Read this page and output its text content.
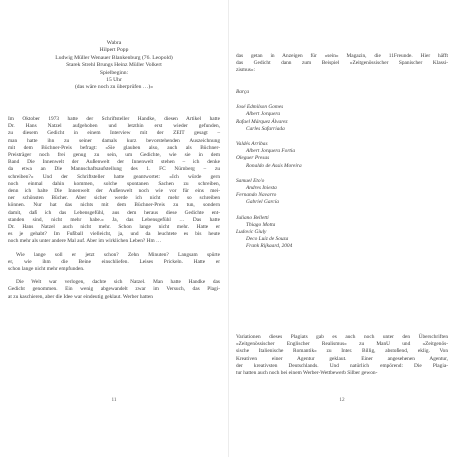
Wabra
Hilpert Popp
Ludwig Müller Wenauer Blankenburg (76. Leopold)
Starek Strehl Brungs Heinz Müller Volkert
Spielbeginn:
15 Uhr
(das wäre noch zu überprüfen …)»
Im Oktober 1973 hatte der Schriftsteller Handke, diesen Artikel hatte
Dr. Hans Natzel aufgehoben und letzthin erst wieder gefunden,
zu diesem Gedicht in einem Interview mit der ZEIT gesagt –
man hatte ihn zu seiner damals kurz bevorstehenden Auszeichnung
mit dem Büchner-Preis befragt: «Sie glauben also, auch als Büchner-
Preisträger noch frei genug zu sein, um Gedichte, wie sie in dem
Band Die Innenwelt der Außenwelt der Innenwelt stehen – ich denke
da etwa an Die Mannschaftsaufstellung des 1. FC Nürnberg – zu
schreiben?» Und der Schriftsteller hatte geantwortet: «Ich würde gern
noch einmal dahin kommen, solche spontanen Sachen zu schreiben,
denn ich halte Die Innenwelt der Außenwelt noch wie vor für eins mei-
ner schönsten Bücher. Aber sicher werde ich nicht mehr so schreiben
können. Nur hat das nichts mit dem Büchner-Preis zu tun, sondern
damit, daß ich das Lebensgefühl, aus dem heraus diese Gedichte ent-
standen sind, nicht mehr habe.» Ja, das Lebensgefühl … Das hatte
Dr. Hans Natzel auch nicht mehr. Schon lange nicht mehr. Hatte er
es je gehabt? Im Fußball vielleicht, ja, und da leuchtete es bis heute
noch mehr als unter andere Mal auf. Aber im wirklichen Leben? Hm …
Wie lange soll er jetzt schon? Zehn Minuten? Langsam spürte
er, wie ihm die Beine einschliefen. Leises Prickeln. Hatte er
schon lange nicht mehr empfunden.
Die Welt war verlogen, dachte sich Natzel. Man hatte Handke das
Gedicht genommen. Ein wenig abgewandelt zwar im Versuch, das Plagi-
at zu kaschieren, aber die Idee war eindeutig geklaut. Werber hatten
11
das getan in Anzeigen für «sein» Magazin, die 11Freunde. Hier häfft
das Gedicht dann zum Beispiel «Zeitgenössischer Spanischer Klassi-
zismus»:
Barça
José Edmilson Gomes
Albert Jorquera
Rafael Márquez Álvarez
Carles Safarriada
Valdés Arribas
Albert Jorquera Fortia
Oleguer Presas
Ronaldo de Assis Moreira
Samuel Eto'o
Andres Iniesta
Fernando Navarro
Gabriel García
Juliano Belletti
Thiago Motta
Ludovic Giuly
Deco Luiz de Souza
Frank Rijkaard, 2004
Variationen dieses Plagiats gab es auch noch unter den Überschriften
«Zeitgenössischer Englischer Realismus» zu ManU und «Zeitgenös-
sische Italienische Romantik» zu Inter. Billig, abstoßend, eklig. Von
Kreativen einer Agentur geklaut. Einer angesehenen Agentur,
der kreativsten Deutschlands. Und natürlich empörend: Die Plagia-
tur hatten auch noch bei einem Werber-Wettbewerb Silber gewon-
12
